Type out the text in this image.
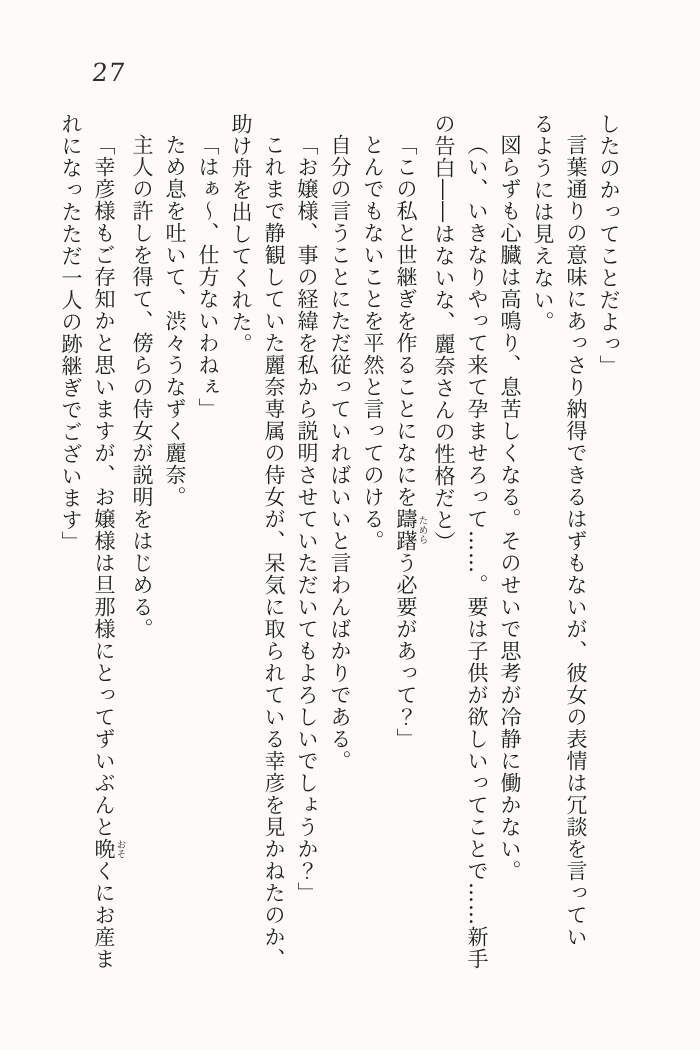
27

したのかってことだよっ」

言葉通りの意味にあっさり納得できるはずもないが、彼女の表情は冗談を言ってい

るようには見えない。

図らずも心臓は高鳴り、息苦しくなる。そのせいで思考が冷静に働かない。

（い、いきなりやって来て孕ませろって……。要は子供が欲しいってことで……新手

の告白――はないな、麗奈さんの性格だと）

「この私と世継ぎを作ることになにを躊躇ためらう必要があって？」

とんでもないことを平然と言ってのける。

自分の言うことにただ従っていればいいと言わんばかりである。

「お嬢様、事の経緯を私から説明させていただいてもよろしいでしょうか？」

これまで静観していた麗奈専属の侍女が、呆気に取られている幸彦を見かねたのか、

助け舟を出してくれた。

「はぁ〜、仕方ないわねぇ」

ため息を吐いて、渋々うなずく麗奈。

主人の許しを得て、傍らの侍女が説明をはじめる。

「幸彦様もご存知かと思いますが、お嬢様は旦那様にとってずいぶんと晩おそくにお産ま

れになったただ一人の跡継ぎでございます」
